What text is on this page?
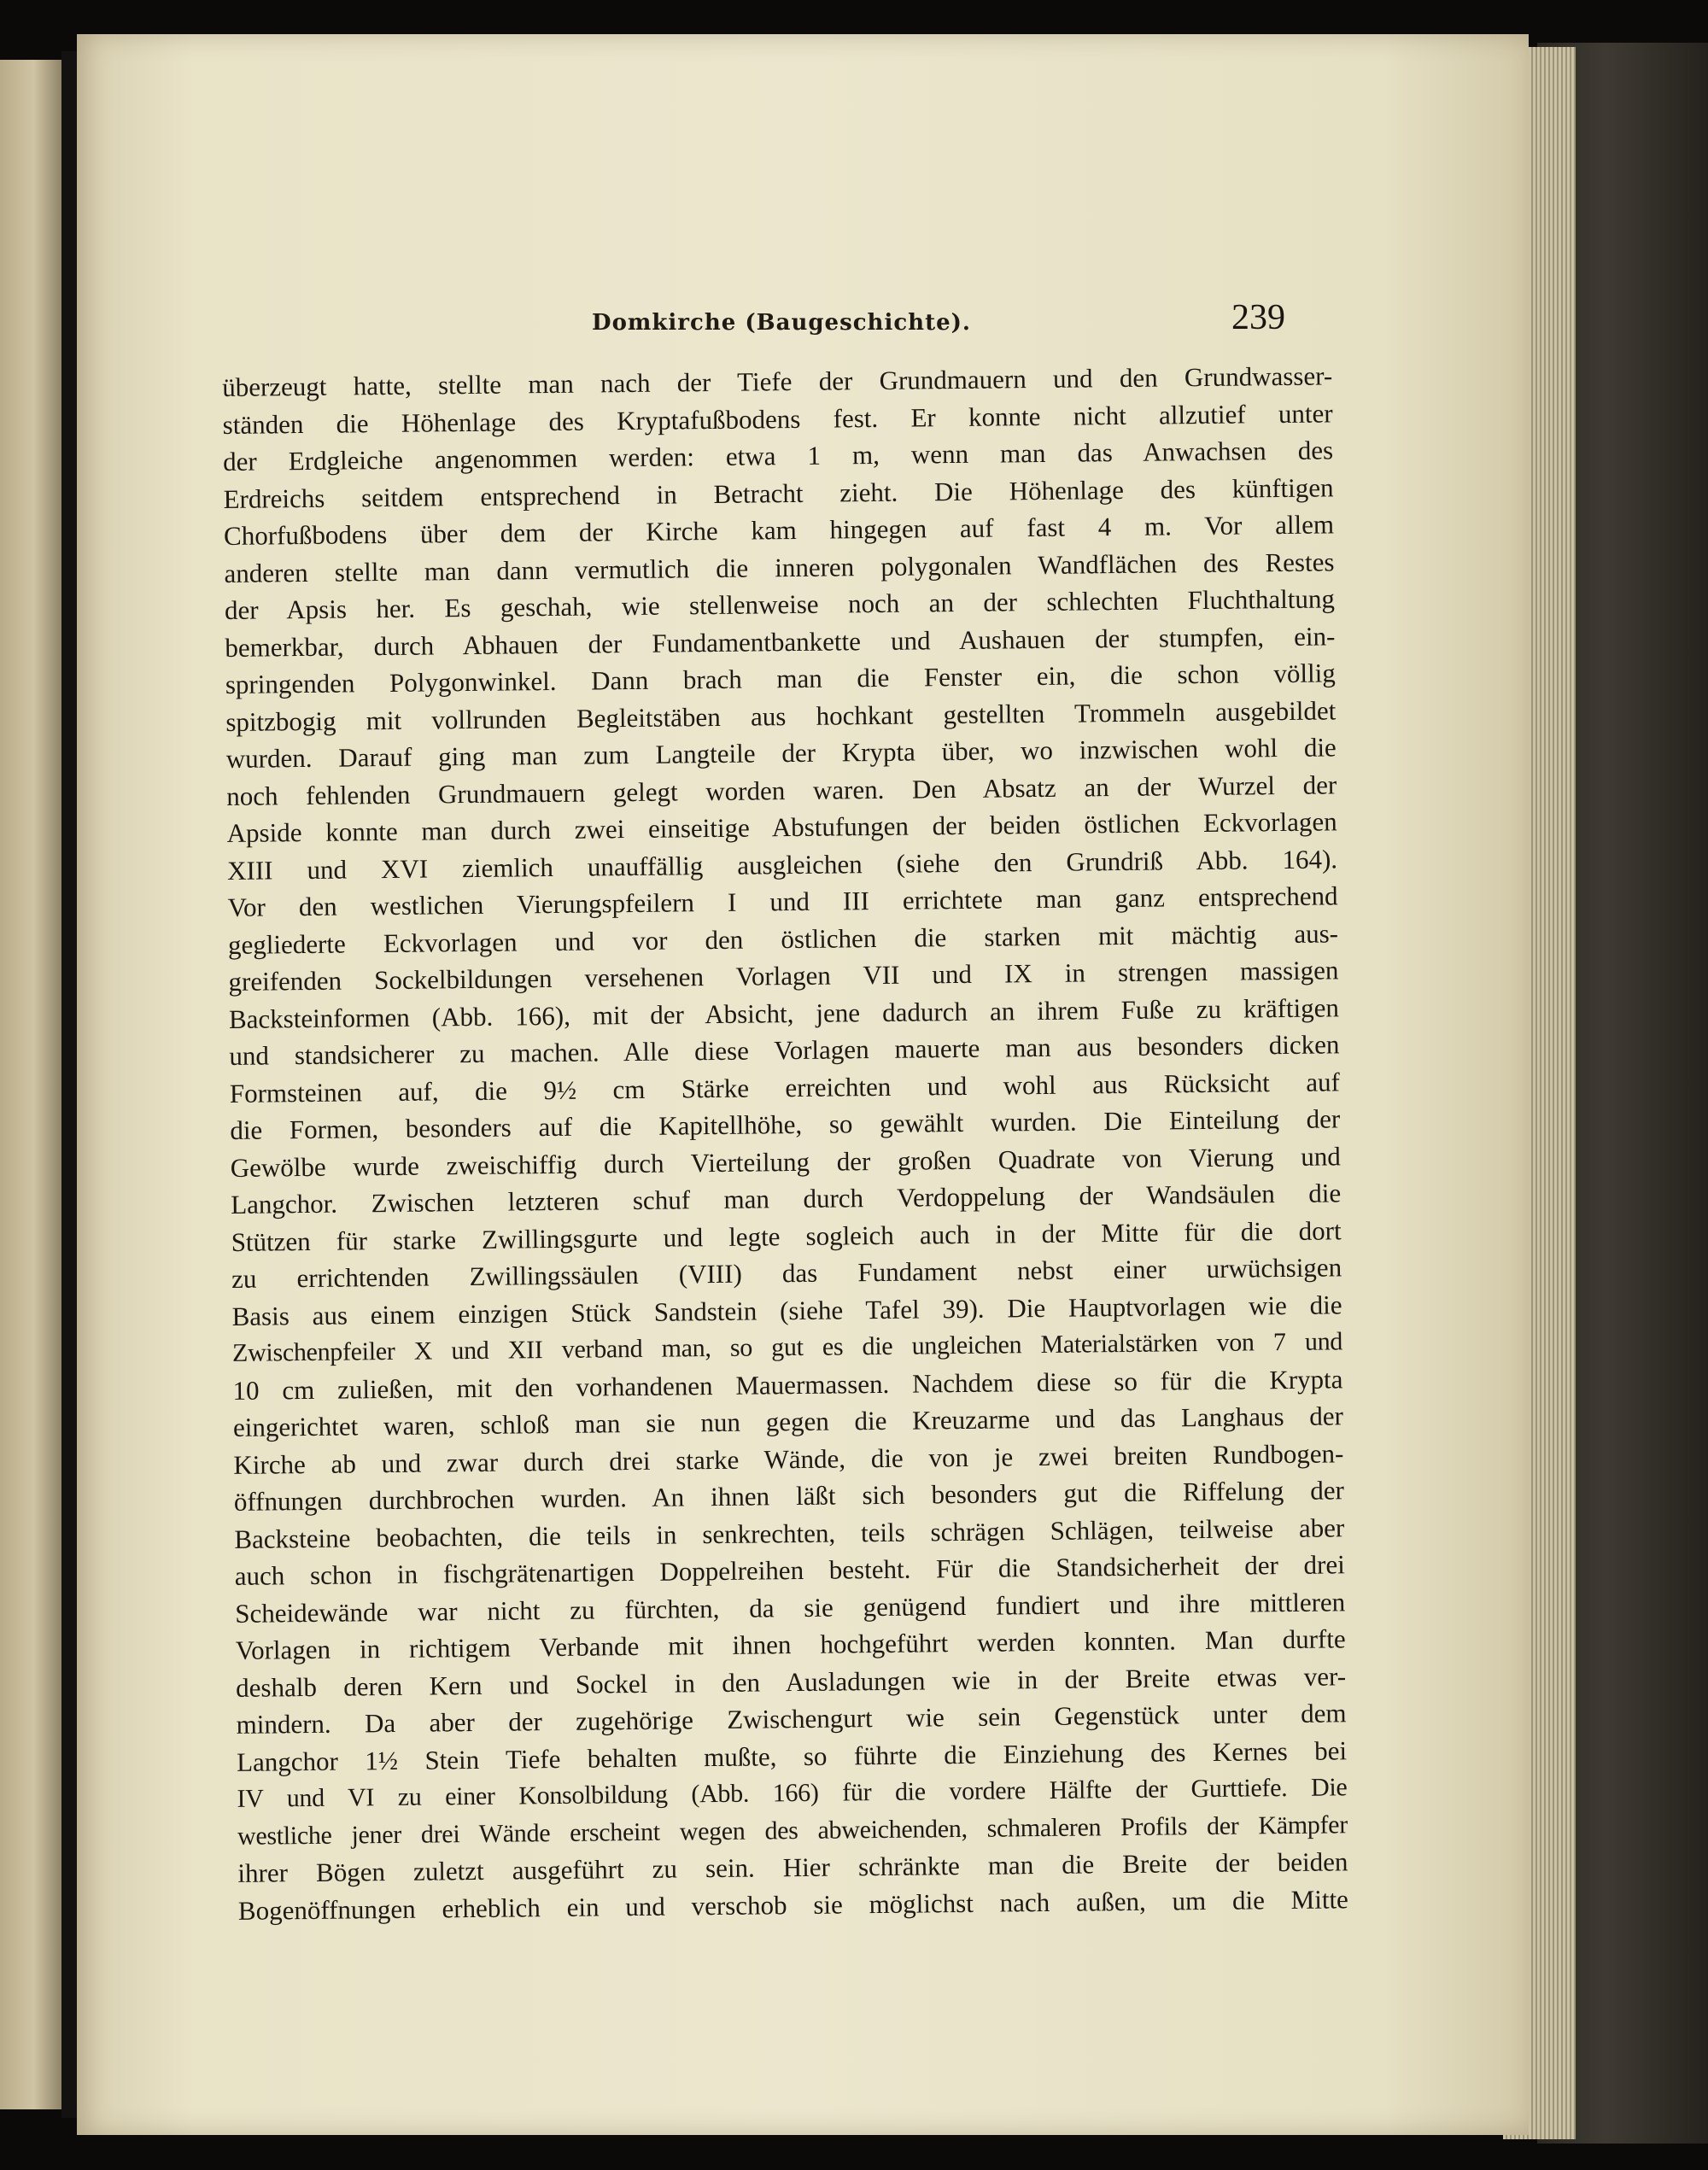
Domkirche (Baugeschichte).	239
überzeugt hatte, stellte man nach der Tiefe der Grundmauern und den Grundwasser-
ständen die Höhenlage des Kryptafußbodens fest. Er konnte nicht allzutief unter
der Erdgleiche angenommen werden: etwa 1 m, wenn man das Anwachsen des
Erdreichs seitdem entsprechend in Betracht zieht. Die Höhenlage des künftigen
Chorfußbodens über dem der Kirche kam hingegen auf fast 4 m. Vor allem
anderen stellte man dann vermutlich die inneren polygonalen Wandflächen des Restes
der Apsis her. Es geschah, wie stellenweise noch an der schlechten Fluchthaltung
bemerkbar, durch Abhauen der Fundamentbankette und Aushauen der stumpfen, ein-
springenden Polygonwinkel. Dann brach man die Fenster ein, die schon völlig
spitzbogig mit vollrunden Begleitstäben aus hochkant gestellten Trommeln ausgebildet
wurden. Darauf ging man zum Langteile der Krypta über, wo inzwischen wohl die
noch fehlenden Grundmauern gelegt worden waren. Den Absatz an der Wurzel der
Apside konnte man durch zwei einseitige Abstufungen der beiden östlichen Eckvorlagen
XIII und XVI ziemlich unauffällig ausgleichen (siehe den Grundriß Abb. 164).
Vor den westlichen Vierungspfeilern I und III errichtete man ganz entsprechend
gegliederte Eckvorlagen und vor den östlichen die starken mit mächtig aus-
greifenden Sockelbildungen versehenen Vorlagen VII und IX in strengen massigen
Backsteinformen (Abb. 166), mit der Absicht, jene dadurch an ihrem Fuße zu kräftigen
und standsicherer zu machen. Alle diese Vorlagen mauerte man aus besonders dicken
Formsteinen auf, die 9½ cm Stärke erreichten und wohl aus Rücksicht auf
die Formen, besonders auf die Kapitellhöhe, so gewählt wurden. Die Einteilung der
Gewölbe wurde zweischiffig durch Vierteilung der großen Quadrate von Vierung und
Langchor. Zwischen letzteren schuf man durch Verdoppelung der Wandsäulen die
Stützen für starke Zwillingsgurte und legte sogleich auch in der Mitte für die dort
zu errichtenden Zwillingssäulen (VIII) das Fundament nebst einer urwüchsigen
Basis aus einem einzigen Stück Sandstein (siehe Tafel 39). Die Hauptvorlagen wie die
Zwischenpfeiler X und XII verband man, so gut es die ungleichen Materialstärken von 7 und
10 cm zuließen, mit den vorhandenen Mauermassen. Nachdem diese so für die Krypta
eingerichtet waren, schloß man sie nun gegen die Kreuzarme und das Langhaus der
Kirche ab und zwar durch drei starke Wände, die von je zwei breiten Rundbogen-
öffnungen durchbrochen wurden. An ihnen läßt sich besonders gut die Riffelung der
Backsteine beobachten, die teils in senkrechten, teils schrägen Schlägen, teilweise aber
auch schon in fischgrätenartigen Doppelreihen besteht. Für die Standsicherheit der drei
Scheidewände war nicht zu fürchten, da sie genügend fundiert und ihre mittleren
Vorlagen in richtigem Verbande mit ihnen hochgeführt werden konnten. Man durfte
deshalb deren Kern und Sockel in den Ausladungen wie in der Breite etwas ver-
mindern. Da aber der zugehörige Zwischengurt wie sein Gegenstück unter dem
Langchor 1½ Stein Tiefe behalten mußte, so führte die Einziehung des Kernes bei
IV und VI zu einer Konsolbildung (Abb. 166) für die vordere Hälfte der Gurttiefe. Die
westliche jener drei Wände erscheint wegen des abweichenden, schmaleren Profils der Kämpfer
ihrer Bögen zuletzt ausgeführt zu sein. Hier schränkte man die Breite der beiden
Bogenöffnungen erheblich ein und verschob sie möglichst nach außen, um die Mitte
